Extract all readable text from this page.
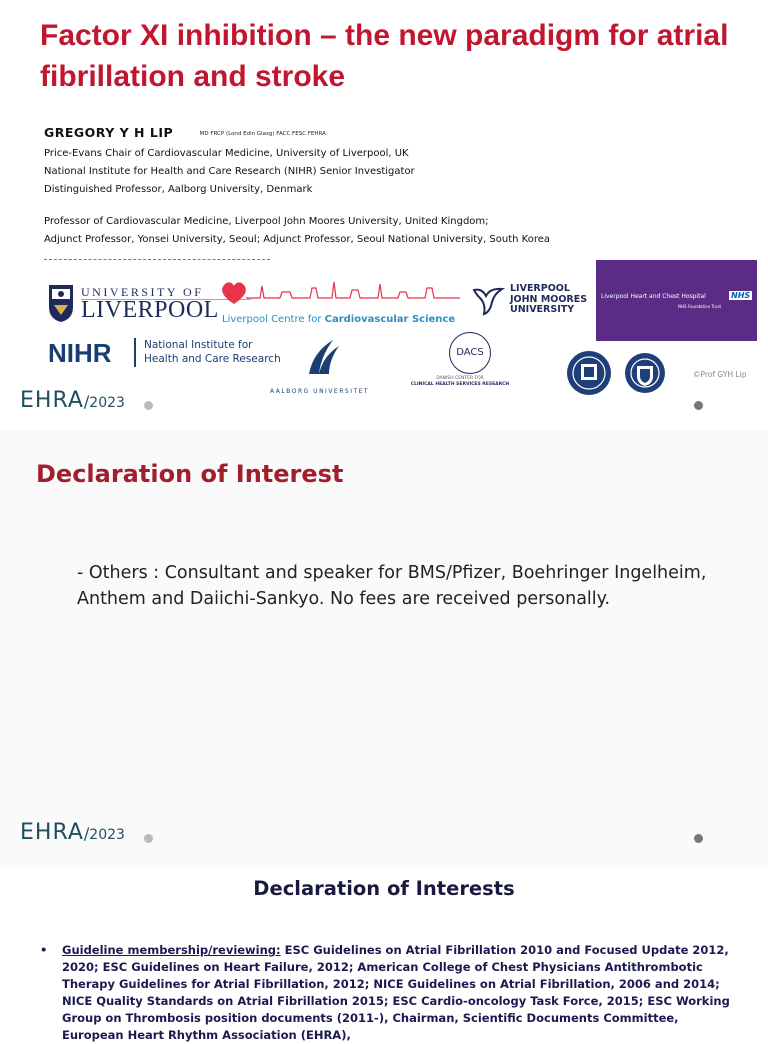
Factor XI inhibition – the new paradigm for atrial fibrillation and stroke
GREGORY Y H LIP	MD FRCP (Lond Edin Glasg) FACC FESC FEHRA
Price-Evans Chair of Cardiovascular Medicine, University of Liverpool, UK
National Institute for Health and Care Research (NIHR) Senior Investigator
Distinguished Professor, Aalborg University, Denmark
Professor of Cardiovascular Medicine, Liverpool John Moores University, United Kingdom;
Adjunct Professor, Yonsei University, Seoul; Adjunct Professor, Seoul National University, South Korea
UNIVERSITY OF
LIVERPOOL Liverpool Centre for Cardiovascular Science
LIVERPOOL
JOHN MOORES
UNIVERSITY
Liverpool Heart and Chest Hospital	NHS
NHS Foundation Trust
NIHR	National Institute for
Health and Care Research
AALBORG UNIVERSITET
DACS
DANISH CENTER FOR
CLINICAL HEALTH SERVICES RESEARCH
©Prof GYH Lip
EHRA/2023
Declaration of Interest
- Others : Consultant and speaker for BMS/Pfizer, Boehringer Ingelheim, Anthem and Daiichi-Sankyo. No fees are received personally.
EHRA/2023
Declaration of Interests
• Guideline membership/reviewing: ESC Guidelines on Atrial Fibrillation 2010 and Focused Update 2012, 2020; ESC Guidelines on Heart Failure, 2012; American College of Chest Physicians Antithrombotic Therapy Guidelines for Atrial Fibrillation, 2012; NICE Guidelines on Atrial Fibrillation, 2006 and 2014; NICE Quality Standards on Atrial Fibrillation 2015; ESC Cardio-oncology Task Force, 2015; ESC Working Group on Thrombosis position documents (2011-), Chairman, Scientific Documents Committee, European Heart Rhythm Association (EHRA),
